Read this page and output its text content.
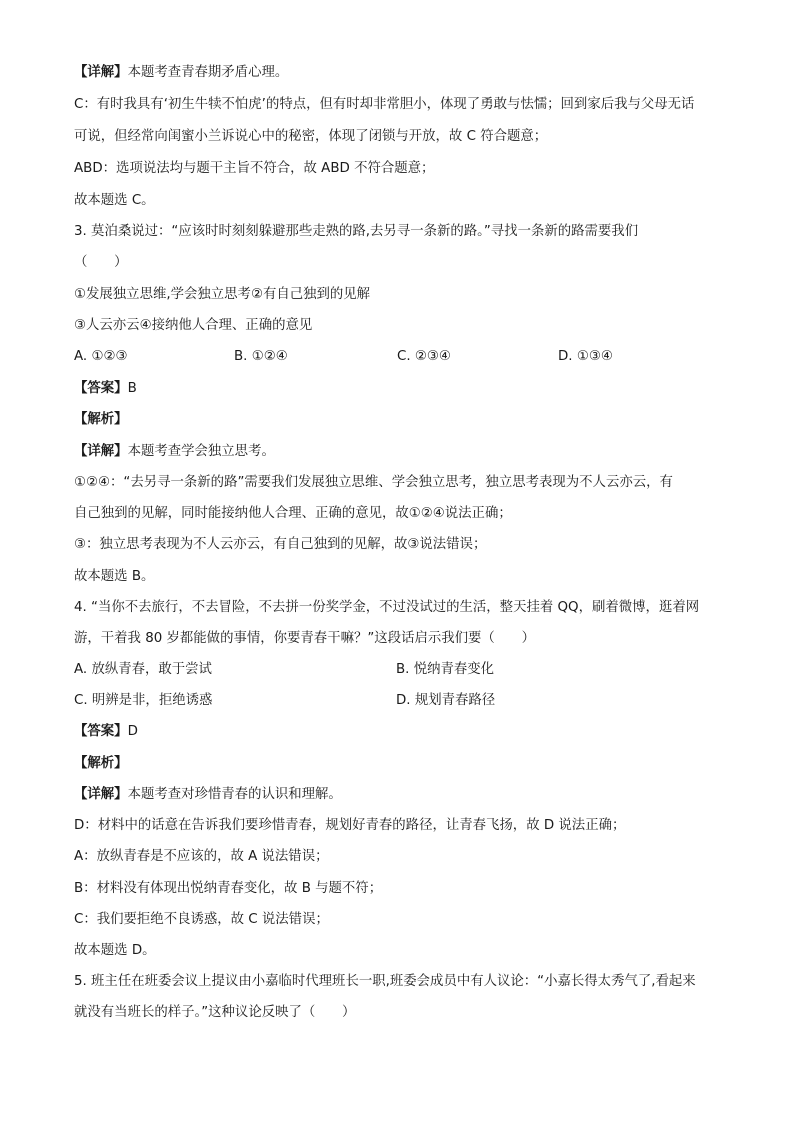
【详解】本题考查青春期矛盾心理。

C：有时我具有‘初生牛犊不怕虎’的特点，但有时却非常胆小，体现了勇敢与怯懦；回到家后我与父母无话

可说，但经常向闺蜜小兰诉说心中的秘密，体现了闭锁与开放，故 C 符合题意；

ABD：选项说法均与题干主旨不符合，故 ABD 不符合题意；

故本题选 C。

3. 莫泊桑说过：“应该时时刻刻躲避那些走熟的路,去另寻一条新的路。”寻找一条新的路需要我们

（　　）

①发展独立思维,学会独立思考②有自己独到的见解

③人云亦云④接纳他人合理、正确的意见

A. ①②③	B. ①②④	C. ②③④	D. ①③④

【答案】B

【解析】

【详解】本题考查学会独立思考。

①②④：“去另寻一条新的路”需要我们发展独立思维、学会独立思考，独立思考表现为不人云亦云，有

自己独到的见解，同时能接纳他人合理、正确的意见，故①②④说法正确；

③：独立思考表现为不人云亦云，有自己独到的见解，故③说法错误；

故本题选 B。

4. “当你不去旅行，不去冒险，不去拼一份奖学金，不过没试过的生活，整天挂着 QQ，刷着微博，逛着网

游，干着我 80 岁都能做的事情，你要青春干嘛？”这段话启示我们要（　　）

A. 放纵青春，敢于尝试	B. 悦纳青春变化
C. 明辨是非，拒绝诱惑	D. 规划青春路径

【答案】D

【解析】

【详解】本题考查对珍惜青春的认识和理解。

D：材料中的话意在告诉我们要珍惜青春，规划好青春的路径，让青春飞扬，故 D 说法正确；

A：放纵青春是不应该的，故 A 说法错误；

B：材料没有体现出悦纳青春变化，故 B 与题不符；

C：我们要拒绝不良诱惑，故 C 说法错误；

故本题选 D。

5. 班主任在班委会议上提议由小嘉临时代理班长一职,班委会成员中有人议论：“小嘉长得太秀气了,看起来

就没有当班长的样子。”这种议论反映了（　　）
